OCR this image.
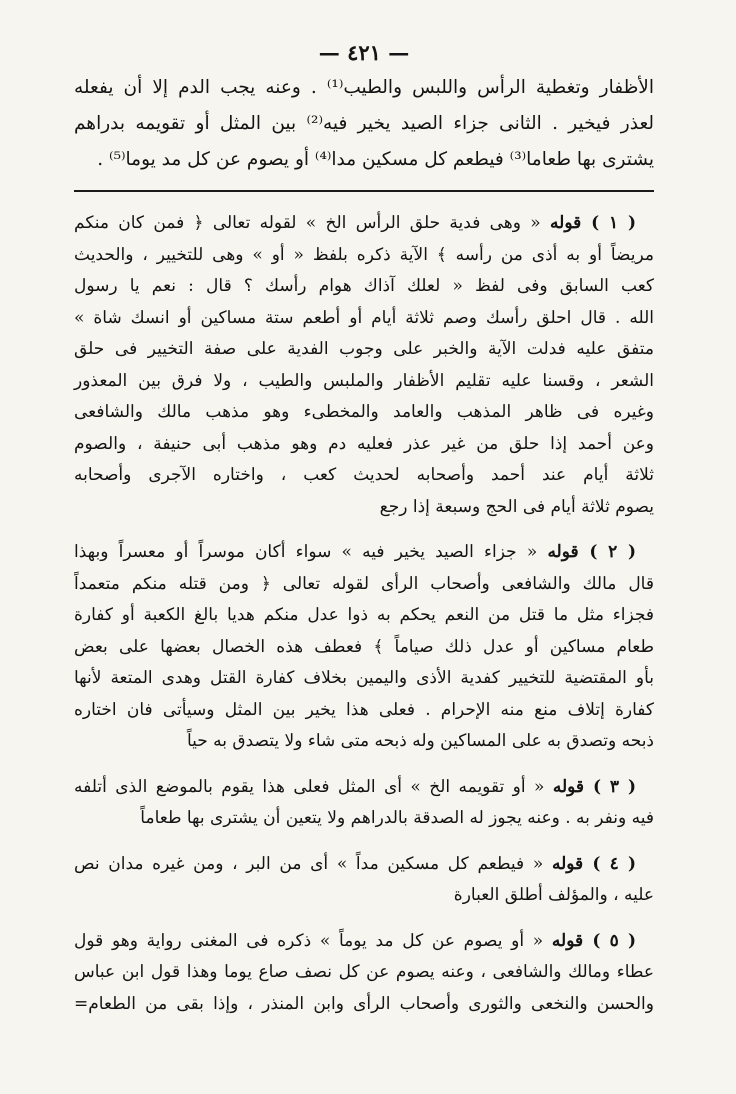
— ٤٢١ —

الأظفار وتغطية الرأس واللبس والطيب⁽¹⁾ . وعنه يجب الدم إلا أن يفعله

لعذر فيخير . الثانى جزاء الصيد يخير فيه⁽²⁾ بين المثل أو تقويمه بدراهم

يشترى بها طعاما⁽³⁾ فيطعم كل مسكين مدا⁽⁴⁾ أو يصوم عن كل مد يوما⁽⁵⁾ .

( ١ ) قوله « وهى فدية حلق الرأس الخ » لقوله تعالى ﴿ فمن كان منكم
مريضاً أو به أذى من رأسه ﴾ الآية ذكره بلفظ « أو » وهى للتخيير ، والحديث
كعب السابق وفى لفظ « لعلك آذاك هوام رأسك ؟ قال : نعم يا رسول
الله . قال احلق رأسك وصم ثلاثة أيام أو أطعم ستة مساكين أو انسك شاة »
متفق عليه فدلت الآية والخبر على وجوب الفدية على صفة التخيير فى حلق
الشعر ، وقسنا عليه تقليم الأظفار والملبس والطيب ، ولا فرق بين المعذور
وغيره فى ظاهر المذهب والعامد والمخطىء وهو مذهب مالك والشافعى
وعن أحمد إذا حلق من غير عذر فعليه دم وهو مذهب أبى حنيفة ، والصوم
ثلاثة أيام عند أحمد وأصحابه لحديث كعب ، واختاره الآجرى وأصحابه
يصوم ثلاثة أيام فى الحج وسبعة إذا رجع
( ٢ ) قوله « جزاء الصيد يخير فيه » سواء أكان موسراً أو معسراً وبهذا
قال مالك والشافعى وأصحاب الرأى لقوله تعالى ﴿ ومن قتله منكم متعمداً
فجزاء مثل ما قتل من النعم يحكم به ذوا عدل منكم هديا بالغ الكعبة أو كفارة
طعام مساكين أو عدل ذلك صياماً ﴾ فعطف هذه الخصال بعضها على بعض
بأو المقتضية للتخيير كفدية الأذى واليمين بخلاف كفارة القتل وهدى المتعة لأنها
كفارة إتلاف منع منه الإحرام . فعلى هذا يخير بين المثل وسيأتى فان اختاره
ذبحه وتصدق به على المساكين وله ذبحه متى شاء ولا يتصدق به حياً
( ٣ ) قوله « أو تقويمه الخ » أى المثل فعلى هذا يقوم بالموضع الذى أتلفه
فيه ونفر به . وعنه يجوز له الصدقة بالدراهم ولا يتعين أن يشترى بها طعاماً
( ٤ ) قوله « فيطعم كل مسكين مداً » أى من البر ، ومن غيره مدان نص
عليه ، والمؤلف أطلق العبارة
( ٥ ) قوله « أو يصوم عن كل مد يوماً » ذكره فى المغنى رواية وهو قول
عطاء ومالك والشافعى ، وعنه يصوم عن كل نصف صاع يوما وهذا قول ابن عباس
والحسن والنخعى والثورى وأصحاب الرأى وابن المنذر ، وإذا بقى من الطعام=
